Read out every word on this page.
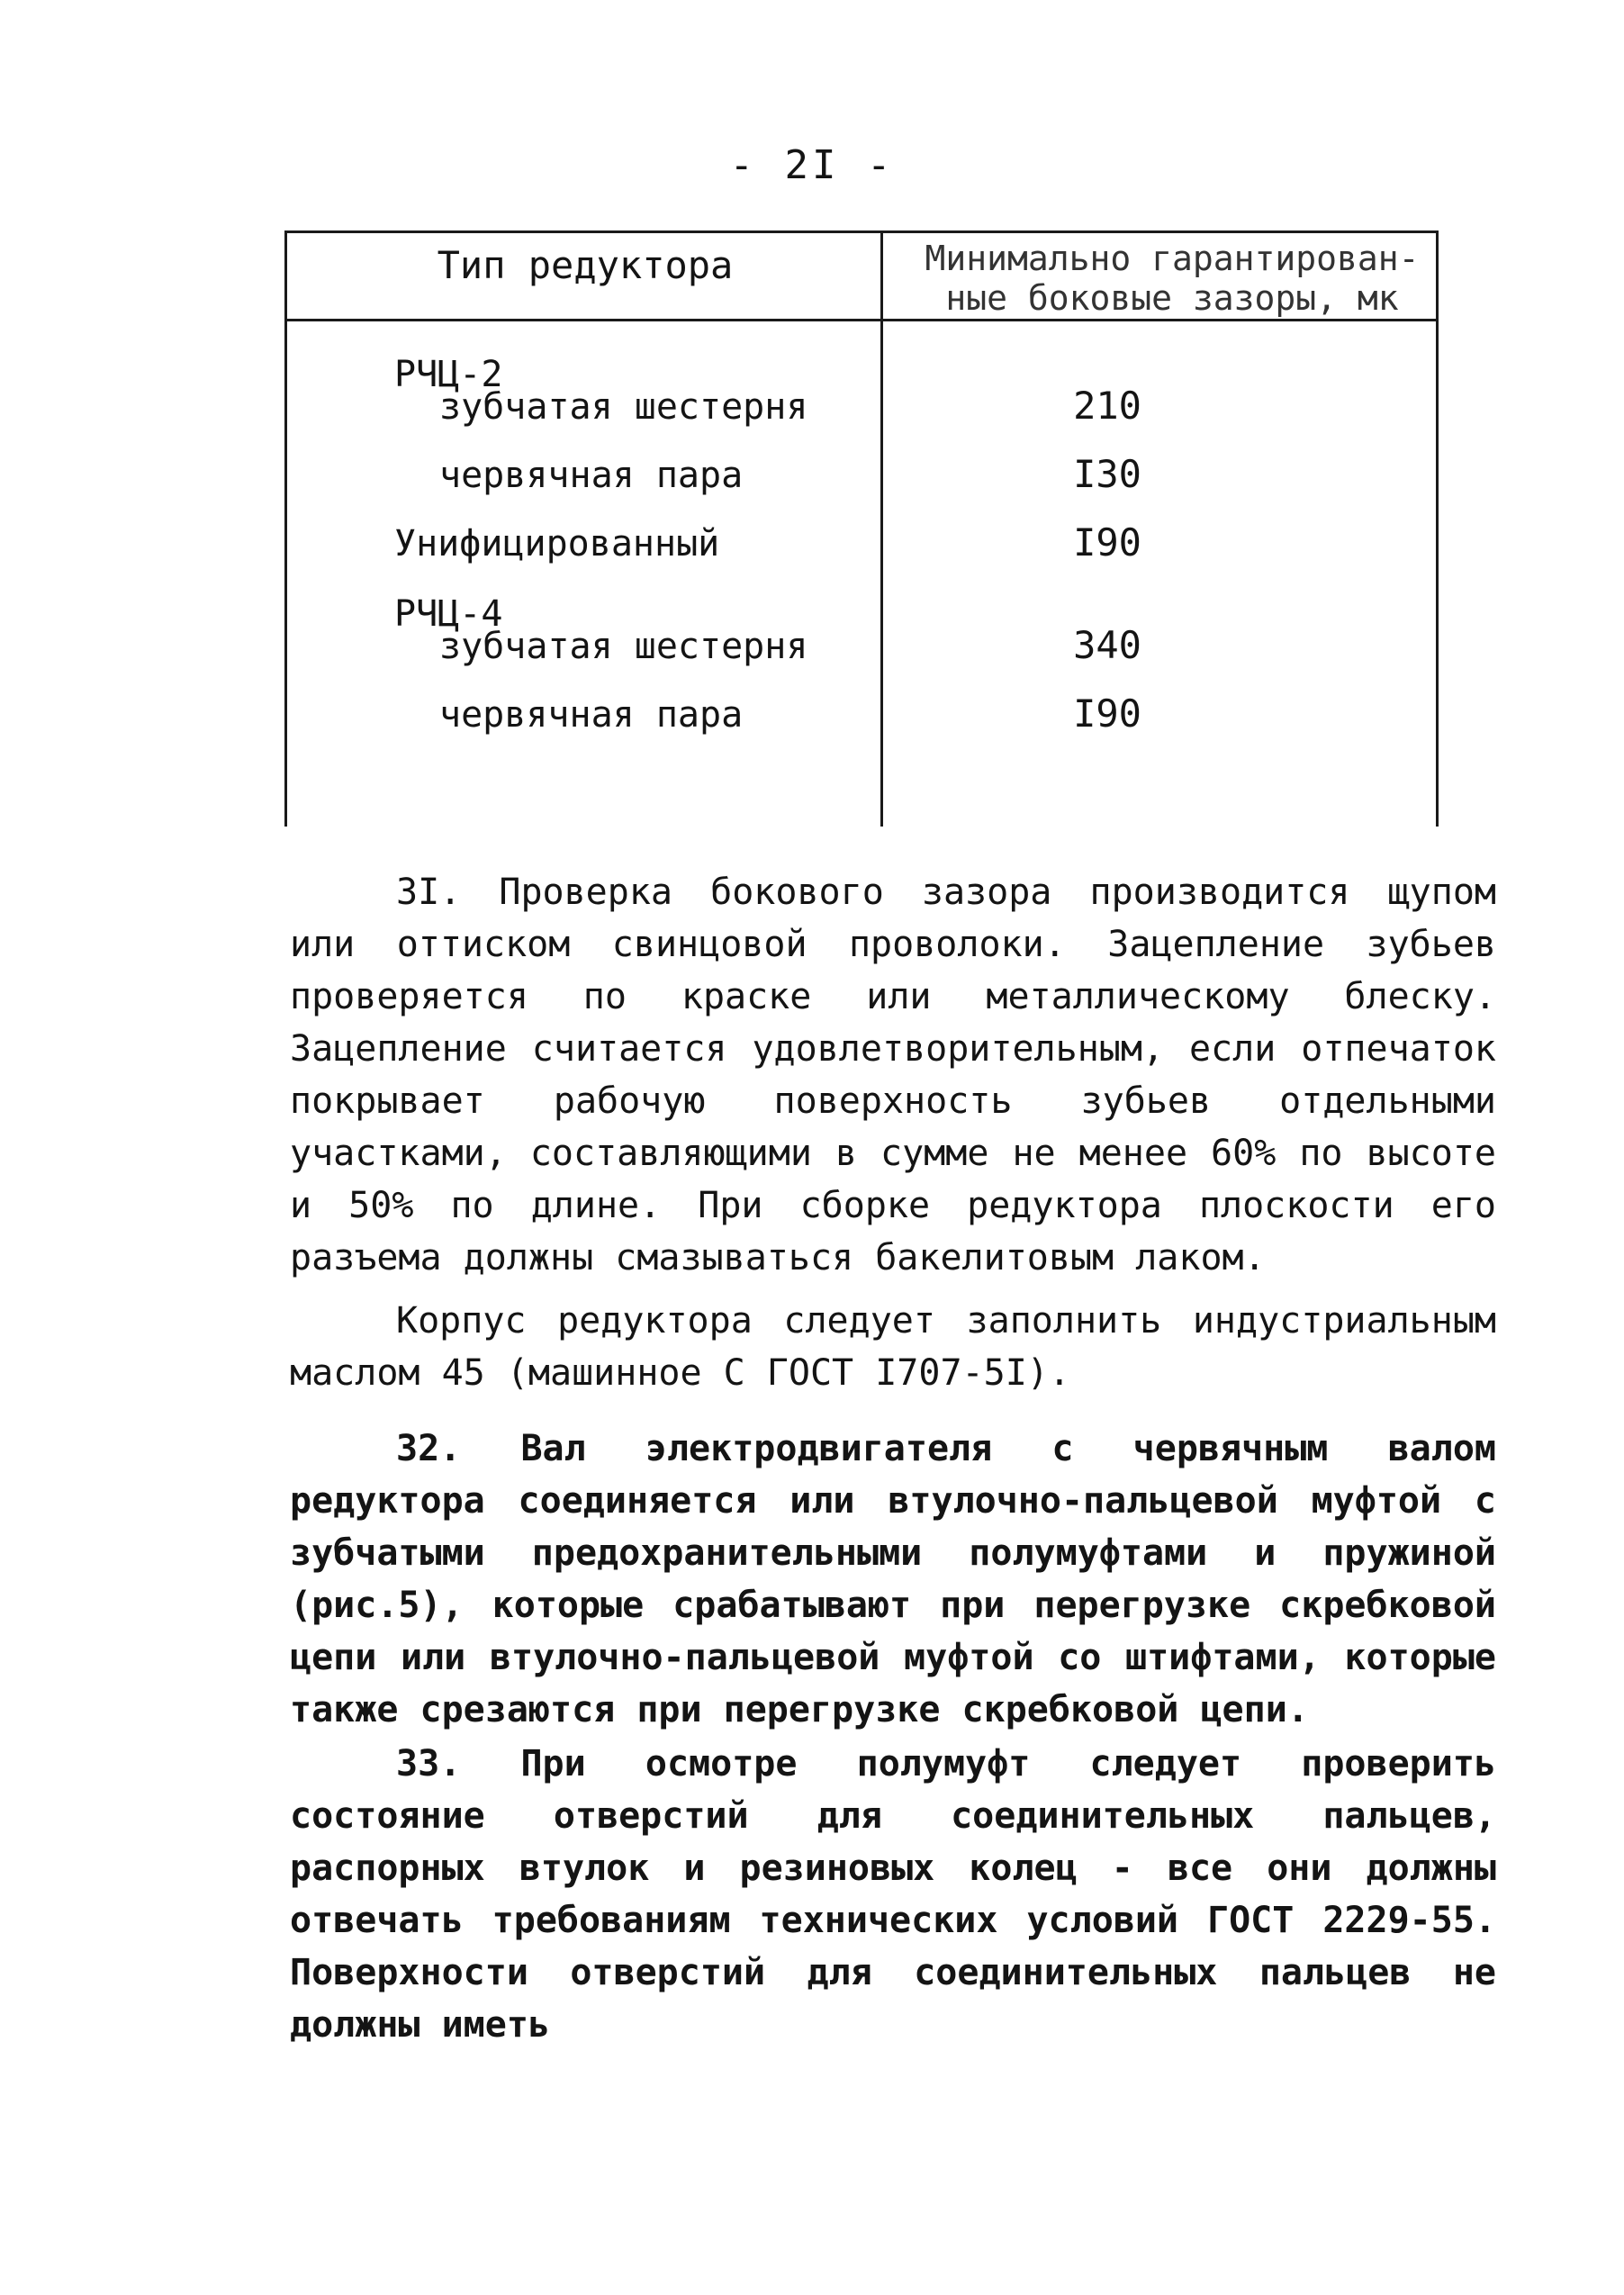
- 2I -
Тип редуктора	Минимально гарантирован-
ные боковые зазоры, мк
РЧЦ-2
зубчатая шестерня	210
червячная пара	I30
Унифицированный	I90
РЧЦ-4
зубчатая шестерня	340
червячная пара	I90

3I. Проверка бокового зазора производится щупом или оттиском свинцовой проволоки. Зацепление зубьев проверяется по краске или металлическому блеску. Зацепление считается удовлетворительным, если отпечаток покрывает рабочую поверхность зубьев отдельными участками, составляющими в сумме не менее 60% по высоте и 50% по длине. При сборке редуктора плоскости его разъема должны смазываться бакелитовым лаком.

Корпус редуктора следует заполнить индустриальным маслом 45 (машинное С ГОСТ I707-5I).

32. Вал электродвигателя с червячным валом редуктора соединяется или втулочно-пальцевой муфтой с зубчатыми предохранительными полумуфтами и пружиной (рис.5), которые срабатывают при перегрузке скребковой цепи или втулочно-пальцевой муфтой со штифтами, которые также срезаются при перегрузке скребковой цепи.

33. При осмотре полумуфт следует проверить состояние отверстий для соединительных пальцев, распорных втулок и резиновых колец - все они должны отвечать требованиям технических условий ГОСТ 2229-55. Поверхности отверстий для соединительных пальцев не должны иметь
